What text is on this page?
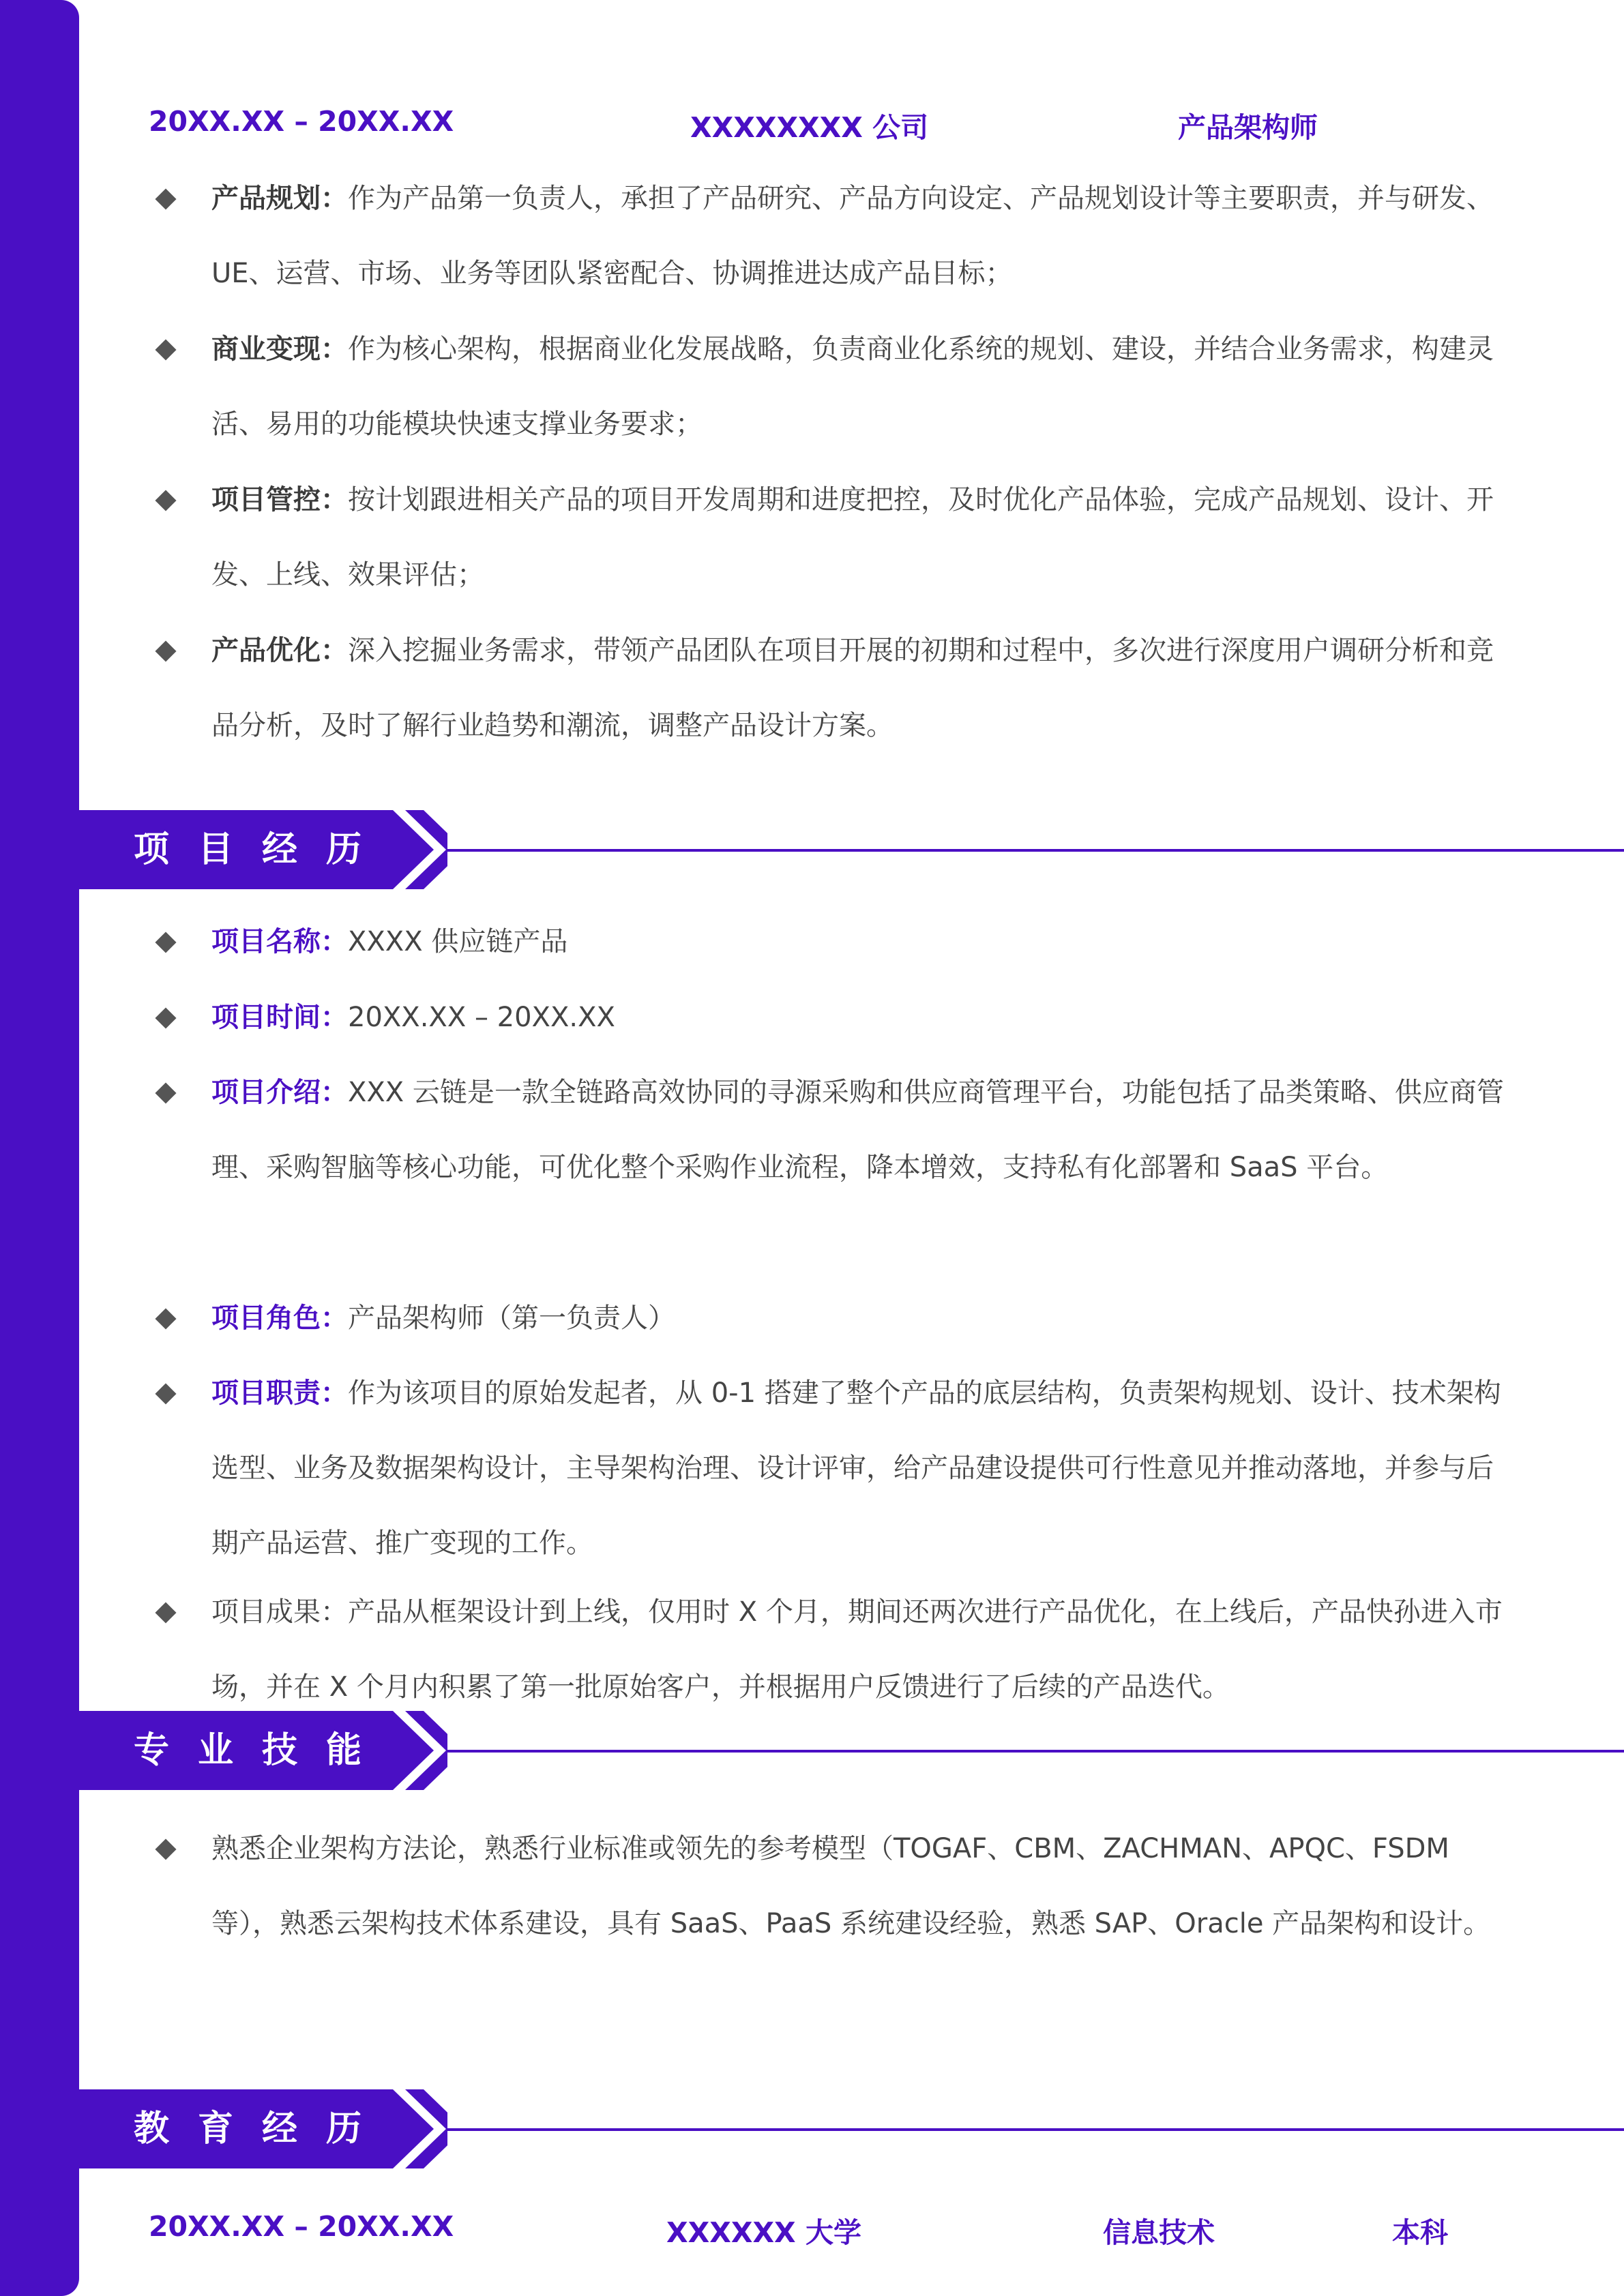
20XX.XX – 20XX.XX	XXXXXXXX 公司	产品架构师
产品规划：作为产品第一负责人，承担了产品研究、产品方向设定、产品规划设计等主要职责，并与研发、UE、运营、市场、业务等团队紧密配合、协调推进达成产品目标；
商业变现：作为核心架构，根据商业化发展战略，负责商业化系统的规划、建设，并结合业务需求，构建灵活、易用的功能模块快速支撑业务要求；
项目管控：按计划跟进相关产品的项目开发周期和进度把控，及时优化产品体验，完成产品规划、设计、开发、上线、效果评估；
产品优化：深入挖掘业务需求，带领产品团队在项目开展的初期和过程中，多次进行深度用户调研分析和竞品分析，及时了解行业趋势和潮流，调整产品设计方案。
项目经历
项目名称：XXXX 供应链产品
项目时间：20XX.XX – 20XX.XX
项目介绍：XXX 云链是一款全链路高效协同的寻源采购和供应商管理平台，功能包括了品类策略、供应商管理、采购智脑等核心功能，可优化整个采购作业流程，降本增效，支持私有化部署和 SaaS 平台。
项目角色：产品架构师（第一负责人）
项目职责：作为该项目的原始发起者，从 0-1 搭建了整个产品的底层结构，负责架构规划、设计、技术架构选型、业务及数据架构设计，主导架构治理、设计评审，给产品建设提供可行性意见并推动落地，并参与后期产品运营、推广变现的工作。
项目成果：产品从框架设计到上线，仅用时 X 个月，期间还两次进行产品优化，在上线后，产品快孙进入市场，并在 X 个月内积累了第一批原始客户，并根据用户反馈进行了后续的产品迭代。
专业技能
熟悉企业架构方法论，熟悉行业标准或领先的参考模型（TOGAF、CBM、ZACHMAN、APQC、FSDM 等），熟悉云架构技术体系建设，具有 SaaS、PaaS 系统建设经验，熟悉 SAP、Oracle 产品架构和设计。
教育经历
20XX.XX – 20XX.XX	XXXXXX 大学	信息技术	本科
